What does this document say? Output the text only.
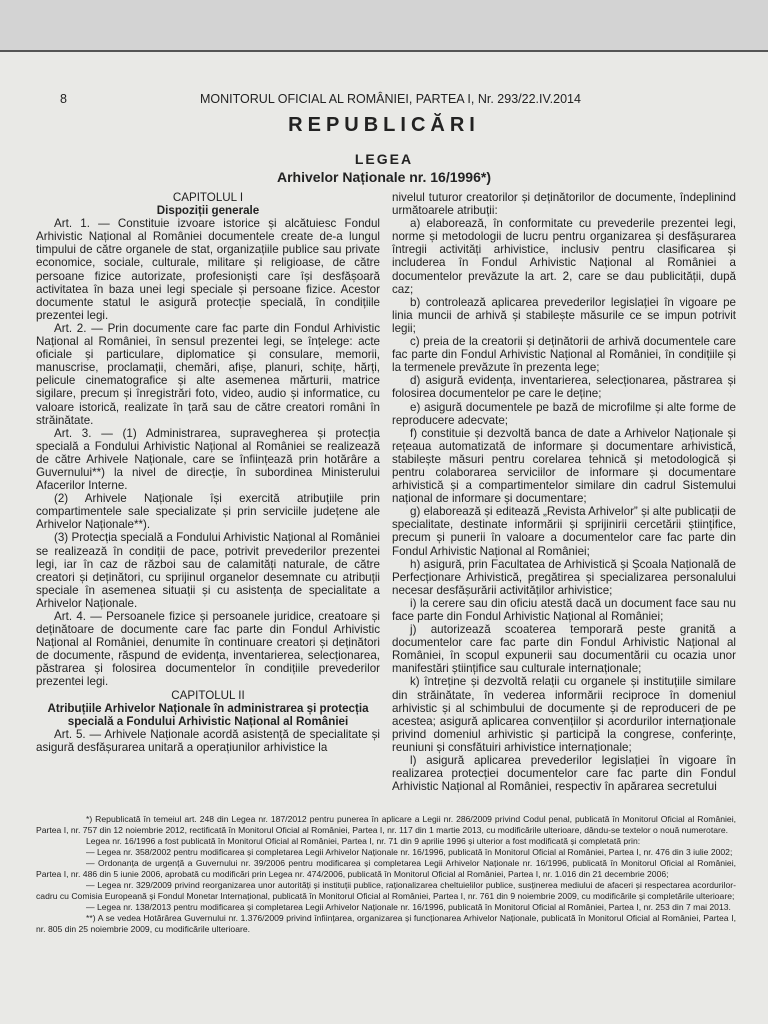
8	MONITORUL OFICIAL AL ROMÂNIEI, PARTEA I, Nr. 293/22.IV.2014
REPUBLICĂRI
LEGEA
Arhivelor Naționale nr. 16/1996*)

CAPITOLUL I

Dispoziții generale

Art. 1. — Constituie izvoare istorice și alcătuiesc Fondul Arhivistic Național al României documentele create de-a lungul timpului de către organele de stat, organizațiile publice sau private economice, sociale, culturale, militare și religioase, de către persoane fizice autorizate, profesioniști care își desfășoară activitatea în baza unei legi speciale și persoane fizice. Acestor documente statul le asigură protecție specială, în condițiile prezentei legi.

Art. 2. — Prin documente care fac parte din Fondul Arhivistic Național al României, în sensul prezentei legi, se înțelege: acte oficiale și particulare, diplomatice și consulare, memorii, manuscrise, proclamații, chemări, afișe, planuri, schițe, hărți, pelicule cinematografice și alte asemenea mărturii, matrice sigilare, precum și înregistrări foto, video, audio și informatice, cu valoare istorică, realizate în țară sau de către creatori români în străinătate.

Art. 3. — (1) Administrarea, supravegherea și protecția specială a Fondului Arhivistic Național al României se realizează de către Arhivele Naționale, care se înființează prin hotărâre a Guvernului**) la nivel de direcție, în subordinea Ministerului Afacerilor Interne.

(2) Arhivele Naționale își exercită atribuțiile prin compartimentele sale specializate și prin serviciile județene ale Arhivelor Naționale**).

(3) Protecția specială a Fondului Arhivistic Național al României se realizează în condiții de pace, potrivit prevederilor prezentei legi, iar în caz de război sau de calamități naturale, de către creatori și deținători, cu sprijinul organelor desemnate cu atribuții speciale în asemenea situații și cu asistența de specialitate a Arhivelor Naționale.

Art. 4. — Persoanele fizice și persoanele juridice, creatoare și deținătoare de documente care fac parte din Fondul Arhivistic Național al României, denumite în continuare creatori și deținători de documente, răspund de evidența, inventarierea, selecționarea, păstrarea și folosirea documentelor în condițiile prevederilor prezentei legi.

CAPITOLUL II

Atribuțiile Arhivelor Naționale în administrarea și protecția specială a Fondului Arhivistic Național al României

Art. 5. — Arhivele Naționale acordă asistență de specialitate și asigură desfășurarea unitară a operațiunilor arhivistice la

nivelul tuturor creatorilor și deținătorilor de documente, îndeplinind următoarele atribuții:

a) elaborează, în conformitate cu prevederile prezentei legi, norme și metodologii de lucru pentru organizarea și desfășurarea întregii activități arhivistice, inclusiv pentru clasificarea și includerea în Fondul Arhivistic Național al României a documentelor prevăzute la art. 2, care se dau publicității, după caz;

b) controlează aplicarea prevederilor legislației în vigoare pe linia muncii de arhivă și stabilește măsurile ce se impun potrivit legii;

c) preia de la creatorii și deținătorii de arhivă documentele care fac parte din Fondul Arhivistic Național al României, în condițiile și la termenele prevăzute în prezenta lege;

d) asigură evidența, inventarierea, selecționarea, păstrarea și folosirea documentelor pe care le deține;

e) asigură documentele pe bază de microfilme și alte forme de reproducere adecvate;

f) constituie și dezvoltă banca de date a Arhivelor Naționale și rețeaua automatizată de informare și documentare arhivistică, stabilește măsuri pentru corelarea tehnică și metodologică și pentru colaborarea serviciilor de informare și documentare arhivistică și a compartimentelor similare din cadrul Sistemului național de informare și documentare;

g) elaborează și editează „Revista Arhivelor” și alte publicații de specialitate, destinate informării și sprijinirii cercetării științifice, precum și punerii în valoare a documentelor care fac parte din Fondul Arhivistic Național al României;

h) asigură, prin Facultatea de Arhivistică și Școala Națională de Perfecționare Arhivistică, pregătirea și specializarea personalului necesar desfășurării activităților arhivistice;

i) la cerere sau din oficiu atestă dacă un document face sau nu face parte din Fondul Arhivistic Național al României;

j) autorizează scoaterea temporară peste granită a documentelor care fac parte din Fondul Arhivistic Național al României, în scopul expunerii sau documentării cu ocazia unor manifestări științifice sau culturale internaționale;

k) întreține și dezvoltă relații cu organele și instituțiile similare din străinătate, în vederea informării reciproce în domeniul arhivistic și al schimbului de documente și de reproduceri de pe acestea; asigură aplicarea convențiilor și acordurilor internaționale privind domeniul arhivistic și participă la congrese, conferințe, reuniuni și consfătuiri arhivistice internaționale;

l) asigură aplicarea prevederilor legislației în vigoare în realizarea protecției documentelor care fac parte din Fondul Arhivistic Național al României, respectiv în apărarea secretului

*) Republicată în temeiul art. 248 din Legea nr. 187/2012 pentru punerea în aplicare a Legii nr. 286/2009 privind Codul penal, publicată în Monitorul Oficial al României, Partea I, nr. 757 din 12 noiembrie 2012, rectificată în Monitorul Oficial al României, Partea I, nr. 117 din 1 martie 2013, cu modificările ulterioare, dându-se textelor o nouă numerotare.

Legea nr. 16/1996 a fost publicată în Monitorul Oficial al României, Partea I, nr. 71 din 9 aprilie 1996 și ulterior a fost modificată și completată prin:

— Legea nr. 358/2002 pentru modificarea și completarea Legii Arhivelor Naționale nr. 16/1996, publicată în Monitorul Oficial al României, Partea I, nr. 476 din 3 iulie 2002;

— Ordonanța de urgență a Guvernului nr. 39/2006 pentru modificarea și completarea Legii Arhivelor Naționale nr. 16/1996, publicată în Monitorul Oficial al României, Partea I, nr. 486 din 5 iunie 2006, aprobată cu modificări prin Legea nr. 474/2006, publicată în Monitorul Oficial al României, Partea I, nr. 1.016 din 21 decembrie 2006;

— Legea nr. 329/2009 privind reorganizarea unor autorități și instituții publice, raționalizarea cheltuielilor publice, susținerea mediului de afaceri și respectarea acordurilor-cadru cu Comisia Europeană și Fondul Monetar Internațional, publicată în Monitorul Oficial al României, Partea I, nr. 761 din 9 noiembrie 2009, cu modificările și completările ulterioare;

— Legea nr. 138/2013 pentru modificarea și completarea Legii Arhivelor Naționale nr. 16/1996, publicată în Monitorul Oficial al României, Partea I, nr. 253 din 7 mai 2013.

**) A se vedea Hotărârea Guvernului nr. 1.376/2009 privind înființarea, organizarea și funcționarea Arhivelor Naționale, publicată în Monitorul Oficial al României, Partea I, nr. 805 din 25 noiembrie 2009, cu modificările ulterioare.
